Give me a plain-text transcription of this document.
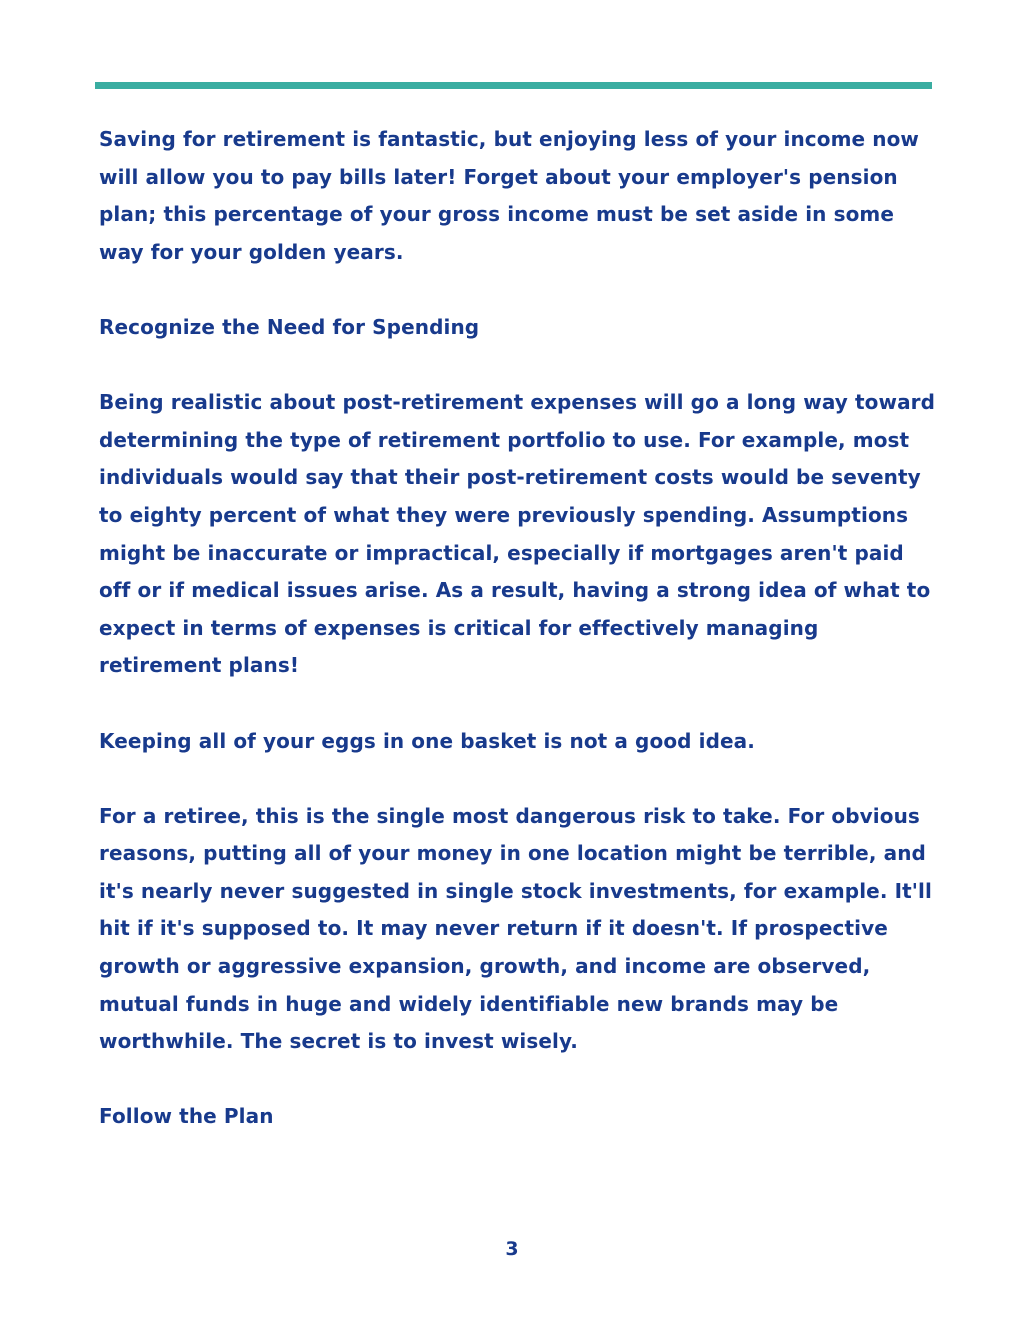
Saving for retirement is fantastic, but enjoying less of your income now will allow you to pay bills later! Forget about your employer's pension plan; this percentage of your gross income must be set aside in some way for your golden years.

Recognize the Need for Spending

Being realistic about post-retirement expenses will go a long way toward determining the type of retirement portfolio to use. For example, most individuals would say that their post-retirement costs would be seventy to eighty percent of what they were previously spending. Assumptions might be inaccurate or impractical, especially if mortgages aren't paid off or if medical issues arise. As a result, having a strong idea of what to expect in terms of expenses is critical for effectively managing retirement plans!

Keeping all of your eggs in one basket is not a good idea.

For a retiree, this is the single most dangerous risk to take. For obvious reasons, putting all of your money in one location might be terrible, and it's nearly never suggested in single stock investments, for example. It'll hit if it's supposed to. It may never return if it doesn't. If prospective growth or aggressive expansion, growth, and income are observed, mutual funds in huge and widely identifiable new brands may be worthwhile. The secret is to invest wisely.

Follow the Plan

3
